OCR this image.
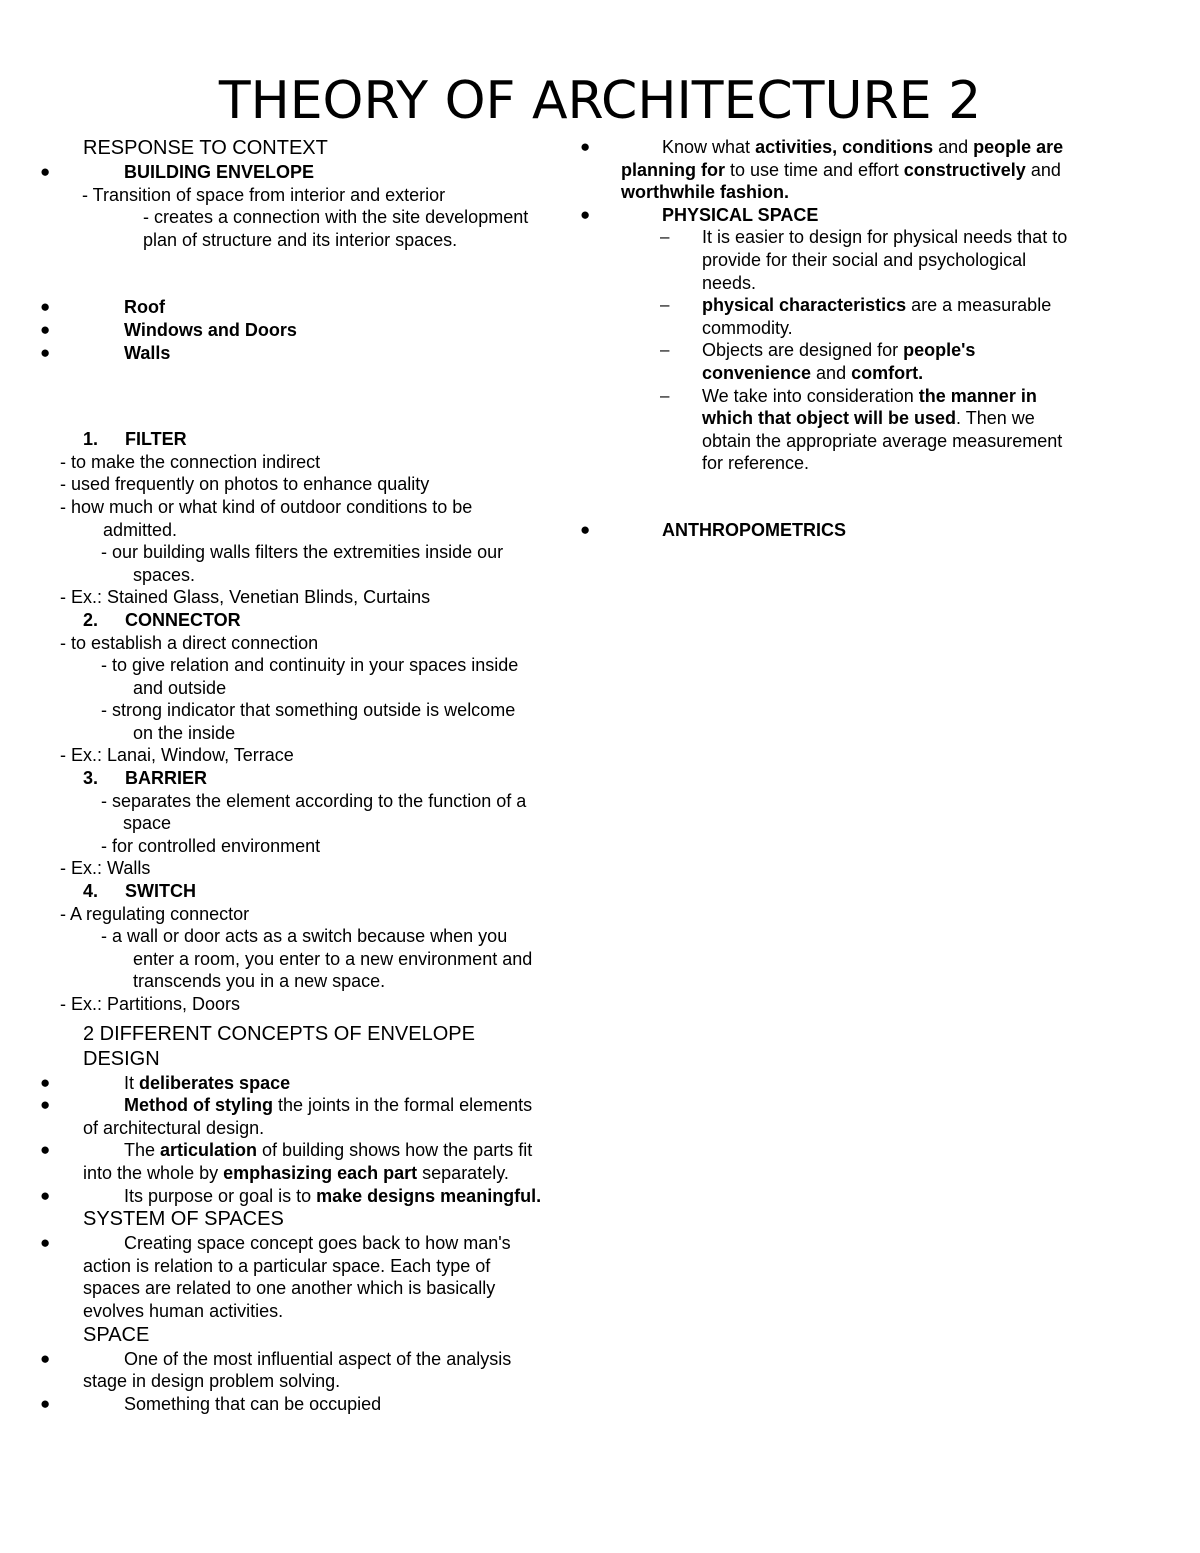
THEORY OF ARCHITECTURE 2
RESPONSE TO CONTEXT
●	BUILDING ENVELOPE
- Transition of space from interior and exterior
- creates a connection with the site development
plan of structure and its interior spaces.
●	Roof
●	Windows and Doors
●	Walls
1. FILTER
- to make the connection indirect
- used frequently on photos to enhance quality
- how much or what kind of outdoor conditions to be
admitted.
- our building walls filters the extremities inside our
spaces.
- Ex.: Stained Glass, Venetian Blinds, Curtains
2. CONNECTOR
- to establish a direct connection
- to give relation and continuity in your spaces inside
and outside
- strong indicator that something outside is welcome
on the inside
- Ex.: Lanai, Window, Terrace
3. BARRIER
- separates the element according to the function of a
space
- for controlled environment
- Ex.: Walls
4. SWITCH
- A regulating connector
- a wall or door acts as a switch because when you
enter a room, you enter to a new environment and
transcends you in a new space.
- Ex.: Partitions, Doors
2 DIFFERENT CONCEPTS OF ENVELOPE
DESIGN
●	It deliberates space
●	Method of styling the joints in the formal elements
of architectural design.
●	The articulation of building shows how the parts fit
into the whole by emphasizing each part separately.
●	Its purpose or goal is to make designs meaningful.
SYSTEM OF SPACES
●	Creating space concept goes back to how man's
action is relation to a particular space. Each type of
spaces are related to one another which is basically
evolves human activities.
SPACE
●	One of the most influential aspect of the analysis
stage in design problem solving.
●	Something that can be occupied
●	Know what activities, conditions and people are
planning for to use time and effort constructively and
worthwhile fashion.
●	PHYSICAL SPACE
– It is easier to design for physical needs that to
provide for their social and psychological
needs.
– physical characteristics are a measurable
commodity.
– Objects are designed for people's
convenience and comfort.
– We take into consideration the manner in
which that object will be used. Then we
obtain the appropriate average measurement
for reference.
●	ANTHROPOMETRICS
